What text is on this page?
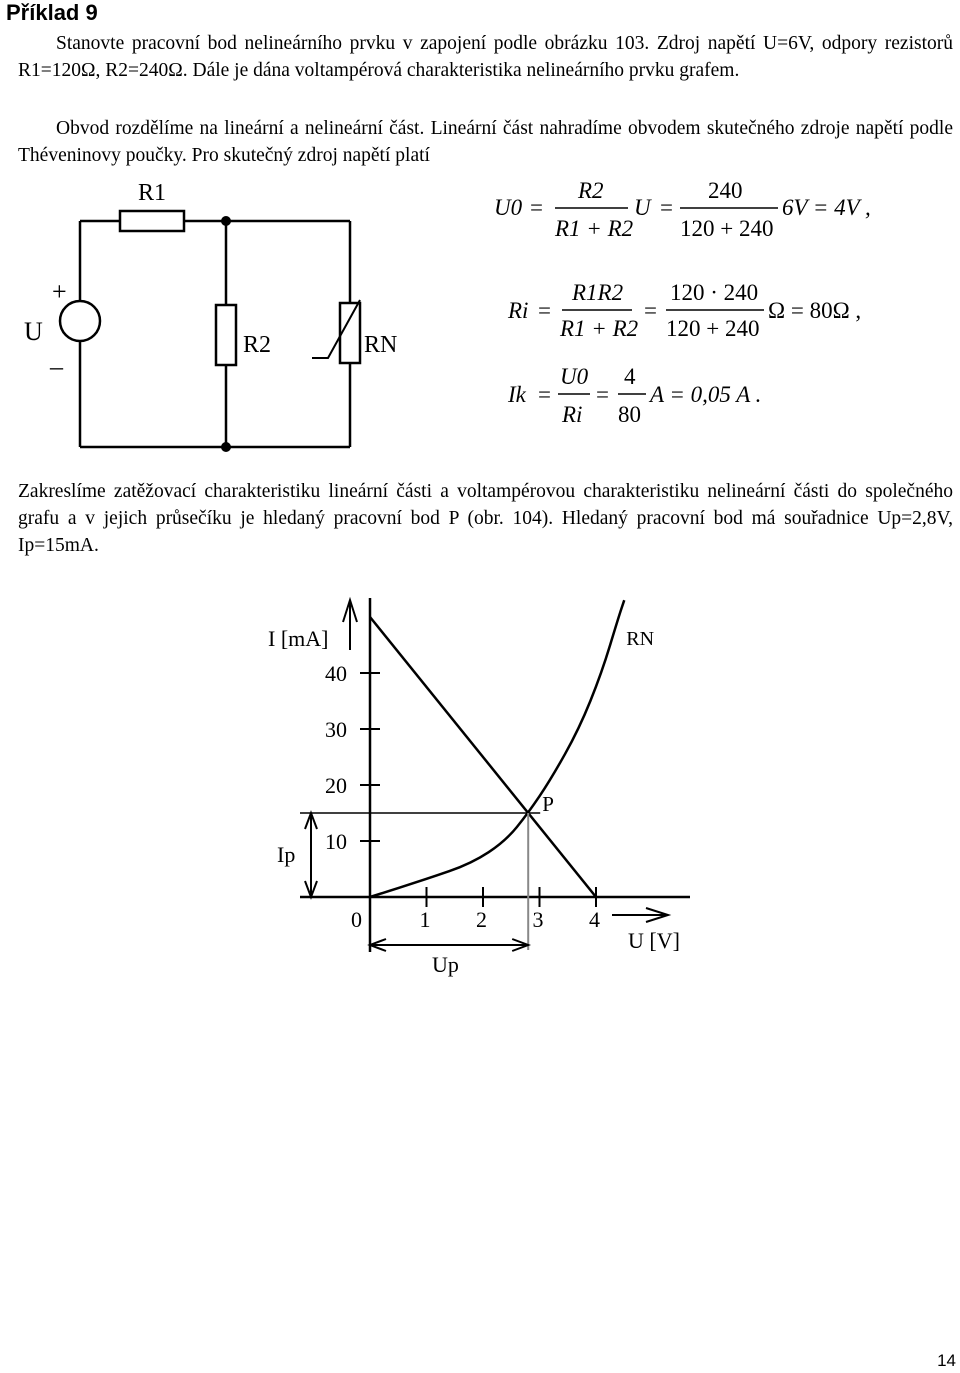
Příklad 9
Stanovte pracovní bod nelineárního prvku v zapojení podle obrázku 103. Zdroj napětí U=6V, odpory rezistorů R1=120Ω, R2=240Ω. Dále je dána voltampérová charakteristika nelineárního prvku grafem.
Obvod rozdělíme na lineární a nelineární část. Lineární část nahradíme obvodem skutečného zdroje napětí podle Théveninovy poučky. Pro skutečný zdroj napětí platí
R1
R2	RN
U
+
–
U0 =
R2
R1 + R2
U =
240
120 + 240
6V = 4V ,
Ri =
R1R2
R1 + R2
=
120 · 240
120 + 240
Ω = 80Ω ,
Ik =
U0
Ri
=
4
80
A = 0,05 A .
Zakreslíme zatěžovací charakteristiku lineární části a voltampérovou charakteristiku nelineární části do společného grafu a v jejich průsečíku je hledaný pracovní bod P (obr. 104). Hledaný pracovní bod má souřadnice Up=2,8V, Ip=15mA.
0	1 2 3 4
10
20
30
40
I [mA]
U [V]
RN
P
Up
Ip
14
